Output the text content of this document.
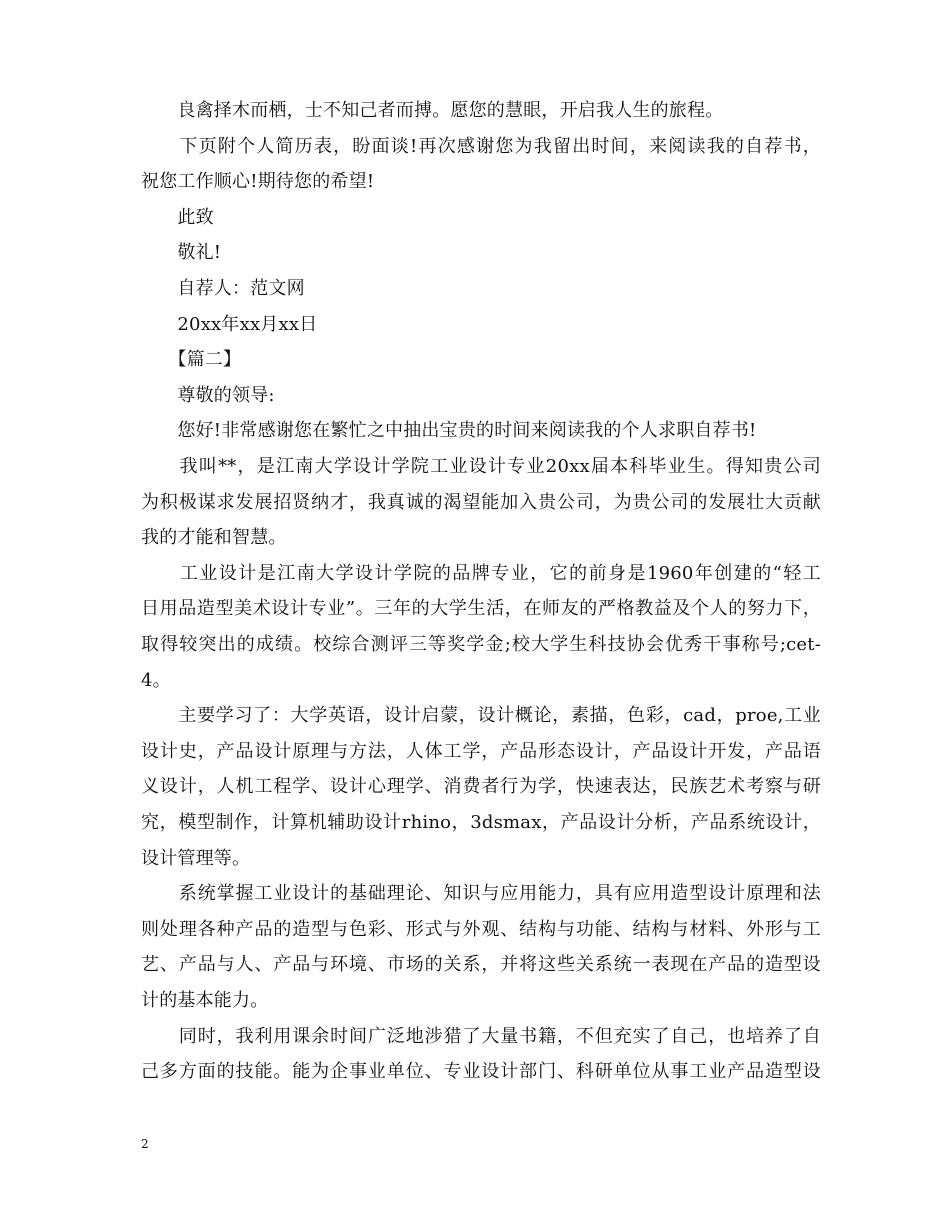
　　良禽择木而栖，士不知己者而搏。愿您的慧眼，开启我人生的旅程。
　　下页附个人简历表，盼面谈!再次感谢您为我留出时间，来阅读我的自荐书，
祝您工作顺心!期待您的希望!
　　此致
　　敬礼!
　　自荐人：范文网
　　20xx年xx月xx日
　　【篇二】
　　尊敬的领导:
　　您好!非常感谢您在繁忙之中抽出宝贵的时间来阅读我的个人求职自荐书!
　　我叫**，是江南大学设计学院工业设计专业20xx届本科毕业生。得知贵公司
为积极谋求发展招贤纳才，我真诚的渴望能加入贵公司，为贵公司的发展壮大贡献
我的才能和智慧。
　　工业设计是江南大学设计学院的品牌专业，它的前身是1960年创建的“轻工
日用品造型美术设计专业”。三年的大学生活，在师友的严格教益及个人的努力下，
取得较突出的成绩。校综合测评三等奖学金;校大学生科技协会优秀干事称号;cet-
4。
　　主要学习了：大学英语，设计启蒙，设计概论，素描，色彩，cad，proe,工业
设计史，产品设计原理与方法，人体工学，产品形态设计，产品设计开发，产品语
义设计，人机工程学、设计心理学、消费者行为学，快速表达，民族艺术考察与研
究，模型制作，计算机辅助设计rhino，3dsmax，产品设计分析，产品系统设计，
设计管理等。
　　系统掌握工业设计的基础理论、知识与应用能力，具有应用造型设计原理和法
则处理各种产品的造型与色彩、形式与外观、结构与功能、结构与材料、外形与工
艺、产品与人、产品与环境、市场的关系，并将这些关系统一表现在产品的造型设
计的基本能力。
　　同时，我利用课余时间广泛地涉猎了大量书籍，不但充实了自己，也培养了自
己多方面的技能。能为企事业单位、专业设计部门、科研单位从事工业产品造型设
2
